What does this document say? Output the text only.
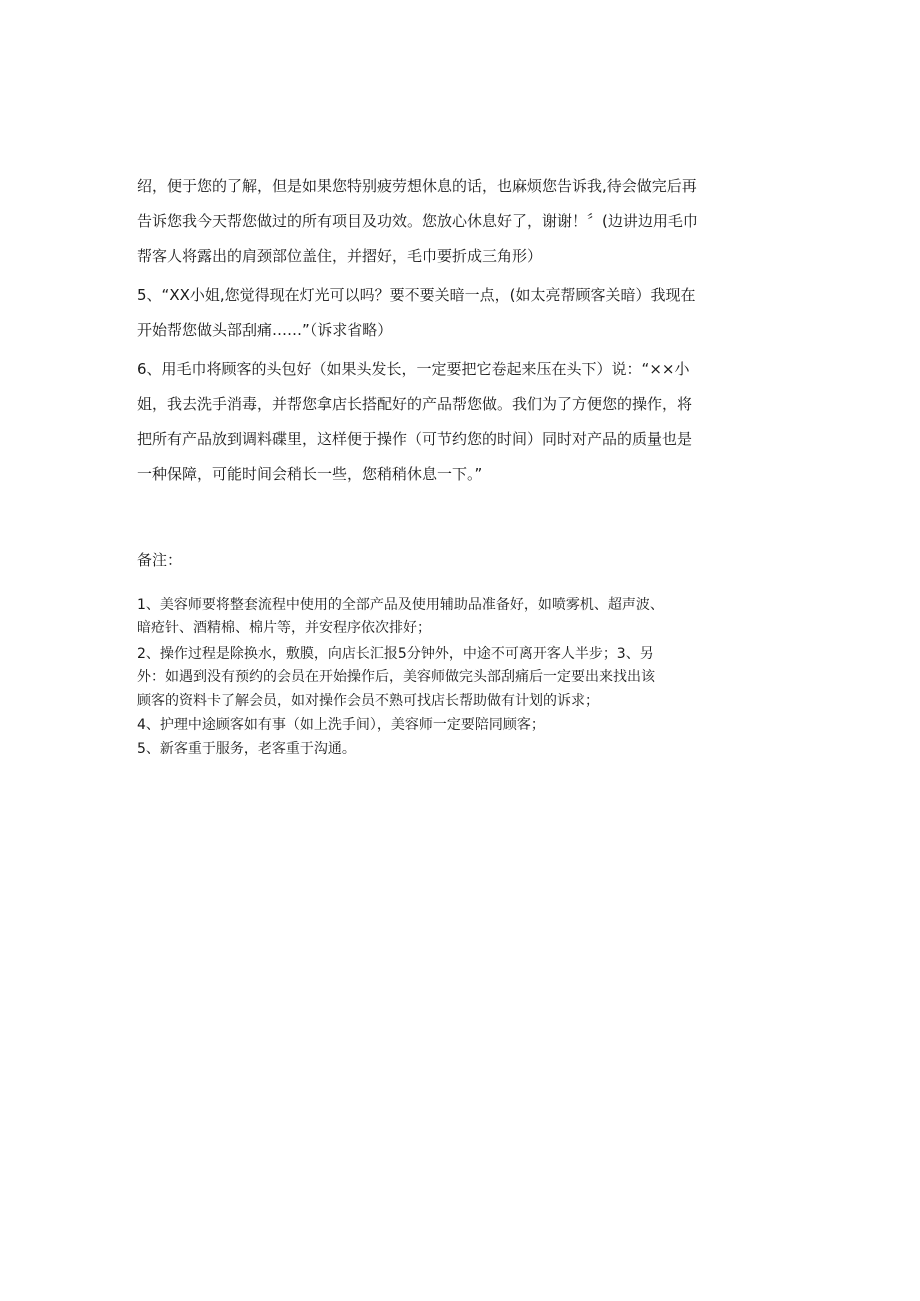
绍，便于您的了解，但是如果您特别疲劳想休息的话，也麻烦您告诉我,待会做完后再
告诉您我今天帮您做过的所有项目及功效。您放心休息好了，谢谢！〞(边讲边用毛巾
帮客人将露出的肩颈部位盖住，并摺好，毛巾要折成三角形）
5、“XX小姐,您觉得现在灯光可以吗？要不要关暗一点，(如太亮帮顾客关暗）我现在
开始帮您做头部刮痛……”（诉求省略）
6、用毛巾将顾客的头包好（如果头发长，一定要把它卷起来压在头下）说：“××小
姐，我去洗手消毒，并帮您拿店长搭配好的产品帮您做。我们为了方便您的操作，将
把所有产品放到调料碟里，这样便于操作（可节约您的时间）同时对产品的质量也是
一种保障，可能时间会稍长一些，您稍稍休息一下。”
备注：
1、美容师要将整套流程中使用的全部产品及使用辅助品准备好，如喷雾机、超声波、
暗疮针、酒精棉、棉片等，并安程序依次排好；
2、操作过程是除换水，敷膜，向店长汇报5分钟外，中途不可离开客人半步；3、另
外：如遇到没有预约的会员在开始操作后，美容师做完头部刮痛后一定要出来找出该
顾客的资料卡了解会员，如对操作会员不熟可找店长帮助做有计划的诉求；
4、护理中途顾客如有事（如上洗手间），美容师一定要陪同顾客；
5、新客重于服务，老客重于沟通。
